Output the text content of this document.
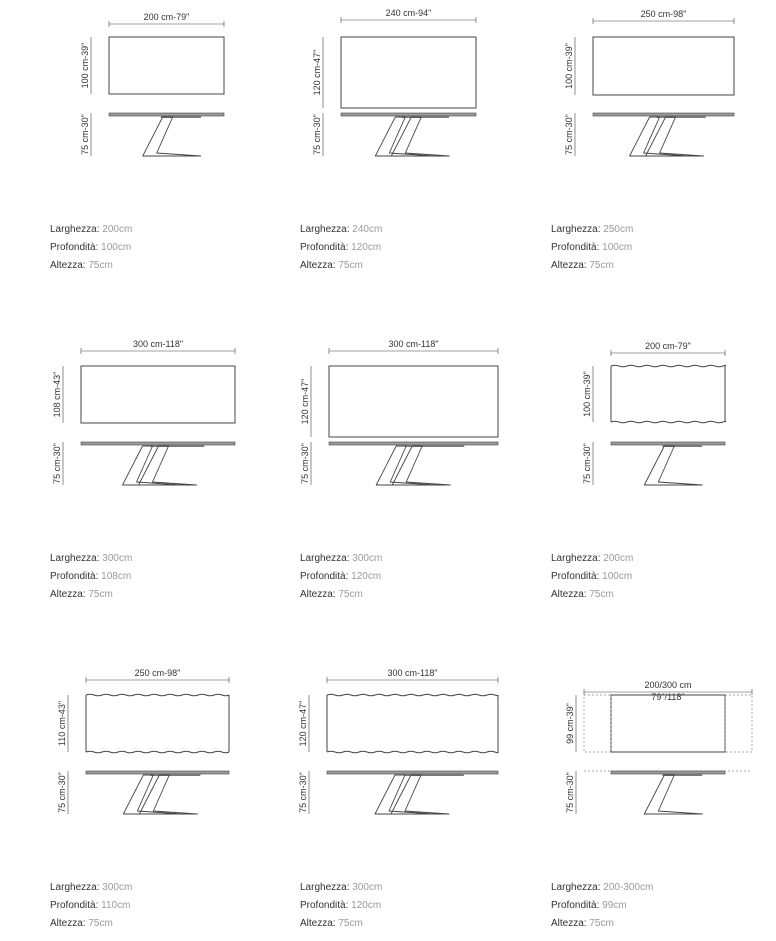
200 cm-79"
100 cm-39"
75 cm-30"
240 cm-94"
120 cm-47"
75 cm-30"
250 cm-98"
100 cm-39"
75 cm-30"
300 cm-118"
108 cm-43"
75 cm-30"
300 cm-118"
120 cm-47"
75 cm-30"
200 cm-79"
100 cm-39"
75 cm-30"
250 cm-98"
110 cm-43"
75 cm-30"
300 cm-118"
120 cm-47"
75 cm-30"
200/300 cm
79"/118"
99 cm-39"
75 cm-30"
Larghezza: 200cm
Profondità: 100cm
Altezza: 75cm
Larghezza: 240cm
Profondità: 120cm
Altezza: 75cm
Larghezza: 250cm
Profondità: 100cm
Altezza: 75cm
Larghezza: 300cm
Profondità: 108cm
Altezza: 75cm
Larghezza: 300cm
Profondità: 120cm
Altezza: 75cm
Larghezza: 200cm
Profondità: 100cm
Altezza: 75cm
Larghezza: 300cm
Profondità: 110cm
Altezza: 75cm
Larghezza: 300cm
Profondità: 120cm
Altezza: 75cm
Larghezza: 200-300cm
Profondità: 99cm
Altezza: 75cm
